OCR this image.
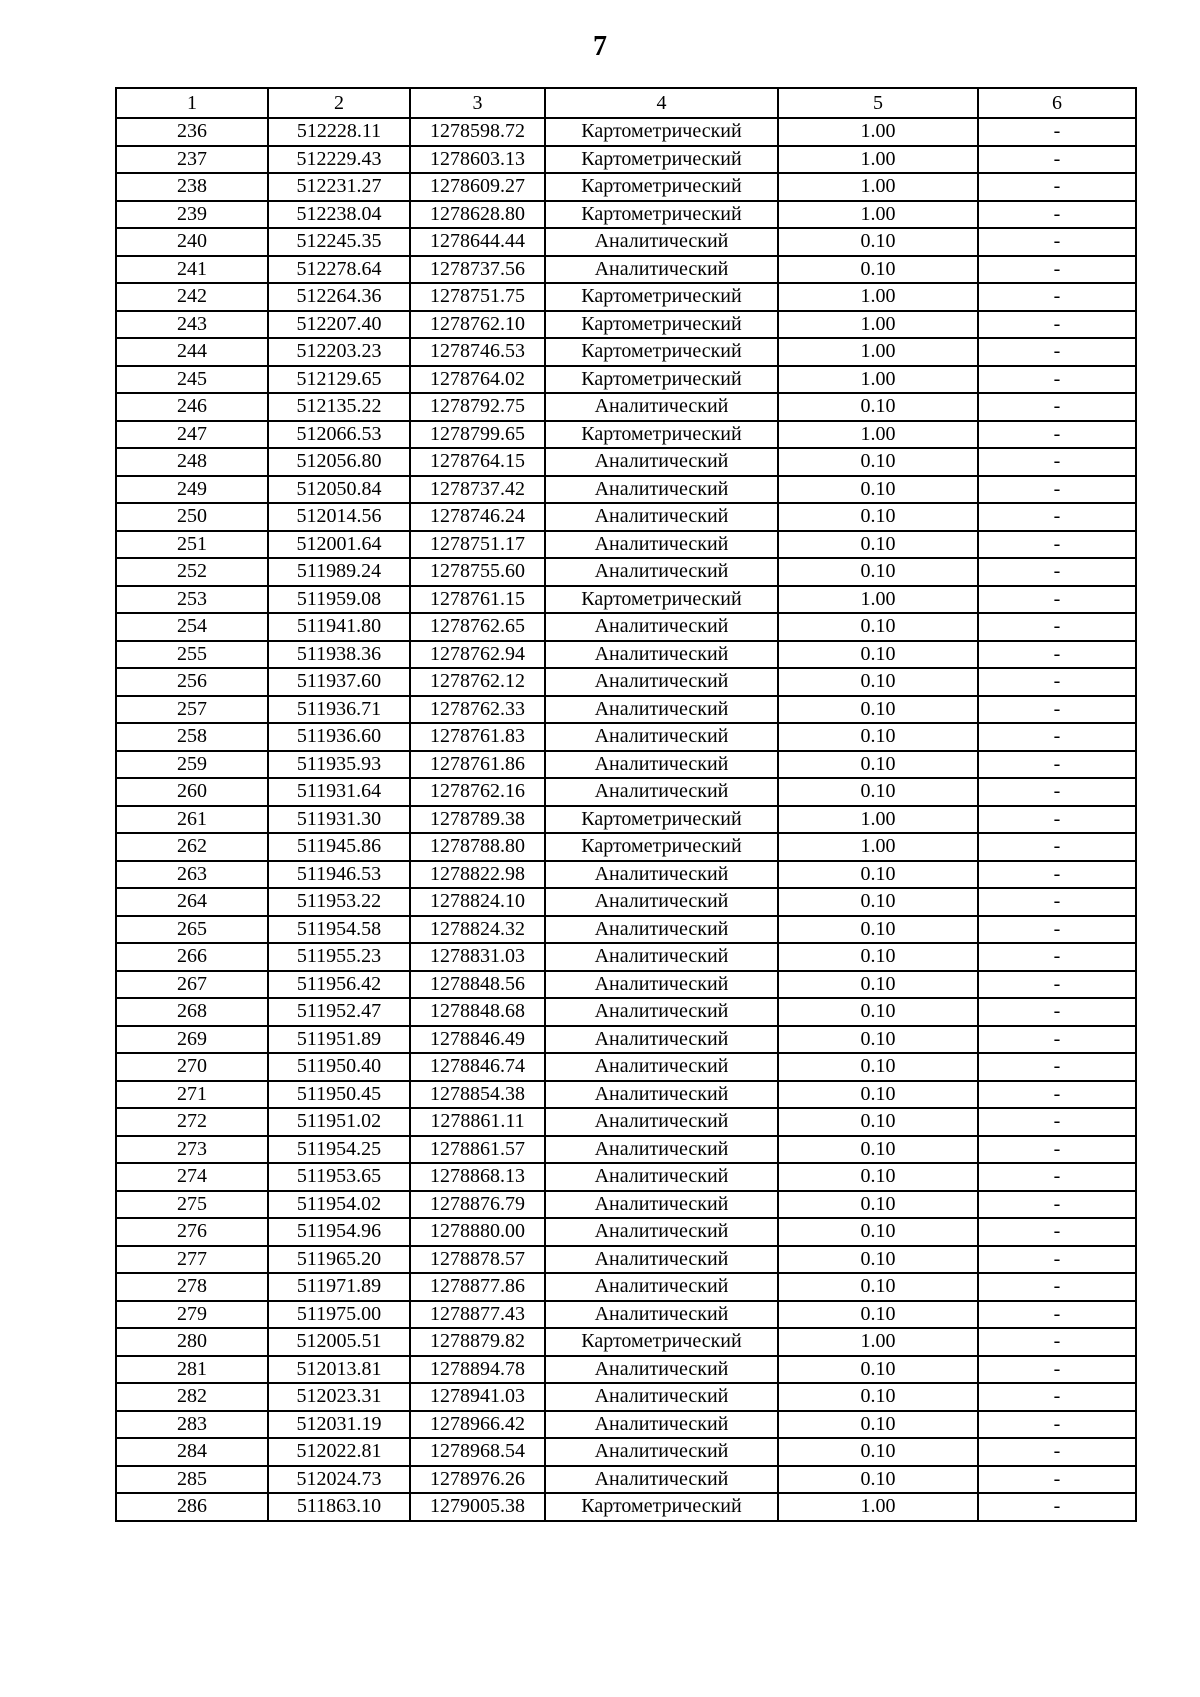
7
1	2	3	4	5	6
236	512228.11	1278598.72	Картометрический	1.00	-
237	512229.43	1278603.13	Картометрический	1.00	-
238	512231.27	1278609.27	Картометрический	1.00	-
239	512238.04	1278628.80	Картометрический	1.00	-
240	512245.35	1278644.44	Аналитический	0.10	-
241	512278.64	1278737.56	Аналитический	0.10	-
242	512264.36	1278751.75	Картометрический	1.00	-
243	512207.40	1278762.10	Картометрический	1.00	-
244	512203.23	1278746.53	Картометрический	1.00	-
245	512129.65	1278764.02	Картометрический	1.00	-
246	512135.22	1278792.75	Аналитический	0.10	-
247	512066.53	1278799.65	Картометрический	1.00	-
248	512056.80	1278764.15	Аналитический	0.10	-
249	512050.84	1278737.42	Аналитический	0.10	-
250	512014.56	1278746.24	Аналитический	0.10	-
251	512001.64	1278751.17	Аналитический	0.10	-
252	511989.24	1278755.60	Аналитический	0.10	-
253	511959.08	1278761.15	Картометрический	1.00	-
254	511941.80	1278762.65	Аналитический	0.10	-
255	511938.36	1278762.94	Аналитический	0.10	-
256	511937.60	1278762.12	Аналитический	0.10	-
257	511936.71	1278762.33	Аналитический	0.10	-
258	511936.60	1278761.83	Аналитический	0.10	-
259	511935.93	1278761.86	Аналитический	0.10	-
260	511931.64	1278762.16	Аналитический	0.10	-
261	511931.30	1278789.38	Картометрический	1.00	-
262	511945.86	1278788.80	Картометрический	1.00	-
263	511946.53	1278822.98	Аналитический	0.10	-
264	511953.22	1278824.10	Аналитический	0.10	-
265	511954.58	1278824.32	Аналитический	0.10	-
266	511955.23	1278831.03	Аналитический	0.10	-
267	511956.42	1278848.56	Аналитический	0.10	-
268	511952.47	1278848.68	Аналитический	0.10	-
269	511951.89	1278846.49	Аналитический	0.10	-
270	511950.40	1278846.74	Аналитический	0.10	-
271	511950.45	1278854.38	Аналитический	0.10	-
272	511951.02	1278861.11	Аналитический	0.10	-
273	511954.25	1278861.57	Аналитический	0.10	-
274	511953.65	1278868.13	Аналитический	0.10	-
275	511954.02	1278876.79	Аналитический	0.10	-
276	511954.96	1278880.00	Аналитический	0.10	-
277	511965.20	1278878.57	Аналитический	0.10	-
278	511971.89	1278877.86	Аналитический	0.10	-
279	511975.00	1278877.43	Аналитический	0.10	-
280	512005.51	1278879.82	Картометрический	1.00	-
281	512013.81	1278894.78	Аналитический	0.10	-
282	512023.31	1278941.03	Аналитический	0.10	-
283	512031.19	1278966.42	Аналитический	0.10	-
284	512022.81	1278968.54	Аналитический	0.10	-
285	512024.73	1278976.26	Аналитический	0.10	-
286	511863.10	1279005.38	Картометрический	1.00	-
